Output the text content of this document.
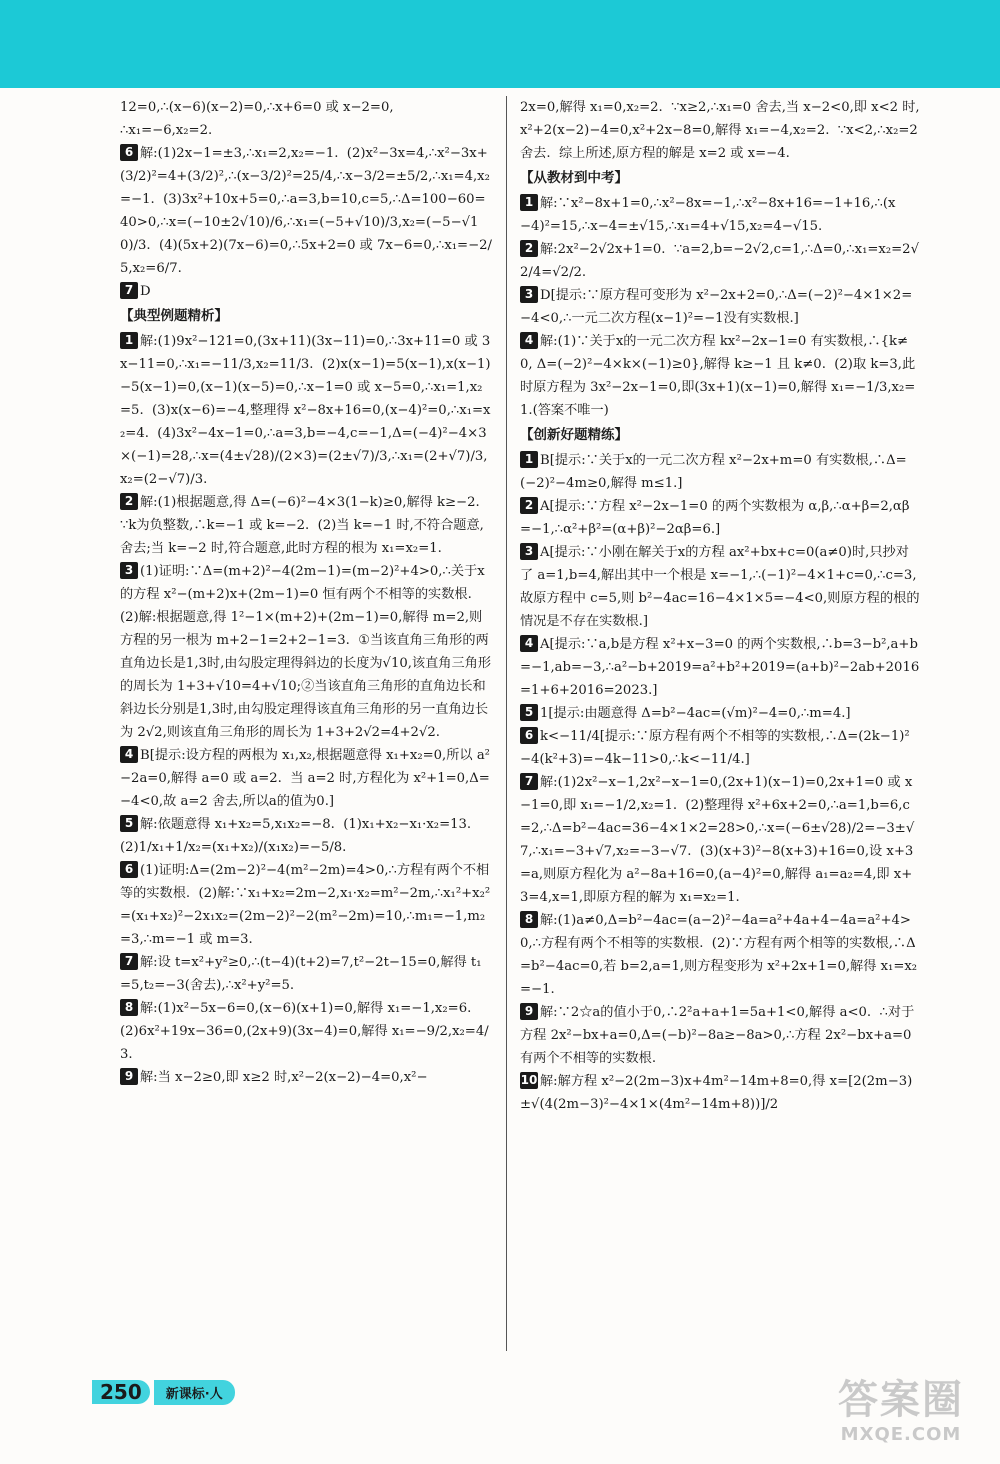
12=0,∴(x−6)(x−2)=0,∴x+6=0 或 x−2=0,

∴x₁=−6,x₂=2.

6 解:(1)2x−1=±3,∴x₁=2,x₂=−1.  (2)x²−3x=4,∴x²−3x+(3/2)²=4+(3/2)²,∴(x−3/2)²=25/4,∴x−3/2=±5/2,∴x₁=4,x₂=−1.  (3)3x²+10x+5=0,∴a=3,b=10,c=5,∴Δ=100−60=40>0,∴x=(−10±2√10)/6,∴x₁=(−5+√10)/3,x₂=(−5−√10)/3.  (4)(5x+2)(7x−6)=0,∴5x+2=0 或 7x−6=0,∴x₁=−2/5,x₂=6/7.

7 D

【典型例题精析】

1 解:(1)9x²−121=0,(3x+11)(3x−11)=0,∴3x+11=0 或 3x−11=0,∴x₁=−11/3,x₂=11/3.  (2)x(x−1)=5(x−1),x(x−1)−5(x−1)=0,(x−1)(x−5)=0,∴x−1=0 或 x−5=0,∴x₁=1,x₂=5.  (3)x(x−6)=−4,整理得 x²−8x+16=0,(x−4)²=0,∴x₁=x₂=4.  (4)3x²−4x−1=0,∴a=3,b=−4,c=−1,Δ=(−4)²−4×3×(−1)=28,∴x=(4±√28)/(2×3)=(2±√7)/3,∴x₁=(2+√7)/3,x₂=(2−√7)/3.

2 解:(1)根据题意,得 Δ=(−6)²−4×3(1−k)≥0,解得 k≥−2.  ∵k为负整数,∴k=−1 或 k=−2.  (2)当 k=−1 时,不符合题意,舍去;当 k=−2 时,符合题意,此时方程的根为 x₁=x₂=1.

3 (1)证明:∵Δ=(m+2)²−4(2m−1)=(m−2)²+4>0,∴关于x的方程 x²−(m+2)x+(2m−1)=0 恒有两个不相等的实数根.  (2)解:根据题意,得 1²−1×(m+2)+(2m−1)=0,解得 m=2,则方程的另一根为 m+2−1=2+2−1=3.  ①当该直角三角形的两直角边长是1,3时,由勾股定理得斜边的长度为√10,该直角三角形的周长为 1+3+√10=4+√10;②当该直角三角形的直角边长和斜边长分别是1,3时,由勾股定理得该直角三角形的另一直角边长为 2√2,则该直角三角形的周长为 1+3+2√2=4+2√2.

4 B[提示:设方程的两根为 x₁,x₂,根据题意得 x₁+x₂=0,所以 a²−2a=0,解得 a=0 或 a=2.  当 a=2 时,方程化为 x²+1=0,Δ=−4<0,故 a=2 舍去,所以a的值为0.]

5 解:依题意得 x₁+x₂=5,x₁x₂=−8.  (1)x₁+x₂−x₁·x₂=13.  (2)1/x₁+1/x₂=(x₁+x₂)/(x₁x₂)=−5/8.

6 (1)证明:Δ=(2m−2)²−4(m²−2m)=4>0,∴方程有两个不相等的实数根.  (2)解:∵x₁+x₂=2m−2,x₁·x₂=m²−2m,∴x₁²+x₂²=(x₁+x₂)²−2x₁x₂=(2m−2)²−2(m²−2m)=10,∴m₁=−1,m₂=3,∴m=−1 或 m=3.

7 解:设 t=x²+y²≥0,∴(t−4)(t+2)=7,t²−2t−15=0,解得 t₁=5,t₂=−3(舍去),∴x²+y²=5.

8 解:(1)x²−5x−6=0,(x−6)(x+1)=0,解得 x₁=−1,x₂=6.  (2)6x²+19x−36=0,(2x+9)(3x−4)=0,解得 x₁=−9/2,x₂=4/3.

9 解:当 x−2≥0,即 x≥2 时,x²−2(x−2)−4=0,x²−

2x=0,解得 x₁=0,x₂=2.  ∵x≥2,∴x₁=0 舍去,当 x−2<0,即 x<2 时,x²+2(x−2)−4=0,x²+2x−8=0,解得 x₁=−4,x₂=2.  ∵x<2,∴x₂=2 舍去.  综上所述,原方程的解是 x=2 或 x=−4.

【从教材到中考】

1 解:∵x²−8x+1=0,∴x²−8x=−1,∴x²−8x+16=−1+16,∴(x−4)²=15,∴x−4=±√15,∴x₁=4+√15,x₂=4−√15.

2 解:2x²−2√2x+1=0.  ∵a=2,b=−2√2,c=1,∴Δ=0,∴x₁=x₂=2√2/4=√2/2.

3 D[提示:∵原方程可变形为 x²−2x+2=0,∴Δ=(−2)²−4×1×2=−4<0,∴一元二次方程(x−1)²=−1没有实数根.]

4 解:(1)∵关于x的一元二次方程 kx²−2x−1=0 有实数根,∴{k≠0, Δ=(−2)²−4×k×(−1)≥0},解得 k≥−1 且 k≠0.  (2)取 k=3,此时原方程为 3x²−2x−1=0,即(3x+1)(x−1)=0,解得 x₁=−1/3,x₂=1.(答案不唯一)

【创新好题精练】

1 B[提示:∵关于x的一元二次方程 x²−2x+m=0 有实数根,∴Δ=(−2)²−4m≥0,解得 m≤1.]

2 A[提示:∵方程 x²−2x−1=0 的两个实数根为 α,β,∴α+β=2,αβ=−1,∴α²+β²=(α+β)²−2αβ=6.]

3 A[提示:∵小刚在解关于x的方程 ax²+bx+c=0(a≠0)时,只抄对了 a=1,b=4,解出其中一个根是 x=−1,∴(−1)²−4×1+c=0,∴c=3,故原方程中 c=5,则 b²−4ac=16−4×1×5=−4<0,则原方程的根的情况是不存在实数根.]

4 A[提示:∵a,b是方程 x²+x−3=0 的两个实数根,∴b=3−b²,a+b=−1,ab=−3,∴a²−b+2019=a²+b²+2019=(a+b)²−2ab+2016=1+6+2016=2023.]

5 1[提示:由题意得 Δ=b²−4ac=(√m)²−4=0,∴m=4.]

6 k<−11/4[提示:∵原方程有两个不相等的实数根,∴Δ=(2k−1)²−4(k²+3)=−4k−11>0,∴k<−11/4.]

7 解:(1)2x²−x−1,2x²−x−1=0,(2x+1)(x−1)=0,2x+1=0 或 x−1=0,即 x₁=−1/2,x₂=1.  (2)整理得 x²+6x+2=0,∴a=1,b=6,c=2,∴Δ=b²−4ac=36−4×1×2=28>0,∴x=(−6±√28)/2=−3±√7,∴x₁=−3+√7,x₂=−3−√7.  (3)(x+3)²−8(x+3)+16=0,设 x+3=a,则原方程化为 a²−8a+16=0,(a−4)²=0,解得 a₁=a₂=4,即 x+3=4,x=1,即原方程的解为 x₁=x₂=1.

8 解:(1)a≠0,Δ=b²−4ac=(a−2)²−4a=a²+4a+4−4a=a²+4>0,∴方程有两个不相等的实数根.  (2)∵方程有两个相等的实数根,∴Δ=b²−4ac=0,若 b=2,a=1,则方程变形为 x²+2x+1=0,解得 x₁=x₂=−1.

9 解:∵2☆a的值小于0,∴2²a+a+1=5a+1<0,解得 a<0.  ∴对于方程 2x²−bx+a=0,Δ=(−b)²−8a≥−8a>0,∴方程 2x²−bx+a=0 有两个不相等的实数根.

10 解:解方程 x²−2(2m−3)x+4m²−14m+8=0,得 x=[2(2m−3)±√(4(2m−3)²−4×1×(4m²−14m+8))]/2

250	新课标·人	答案圈
MXQE.COM
